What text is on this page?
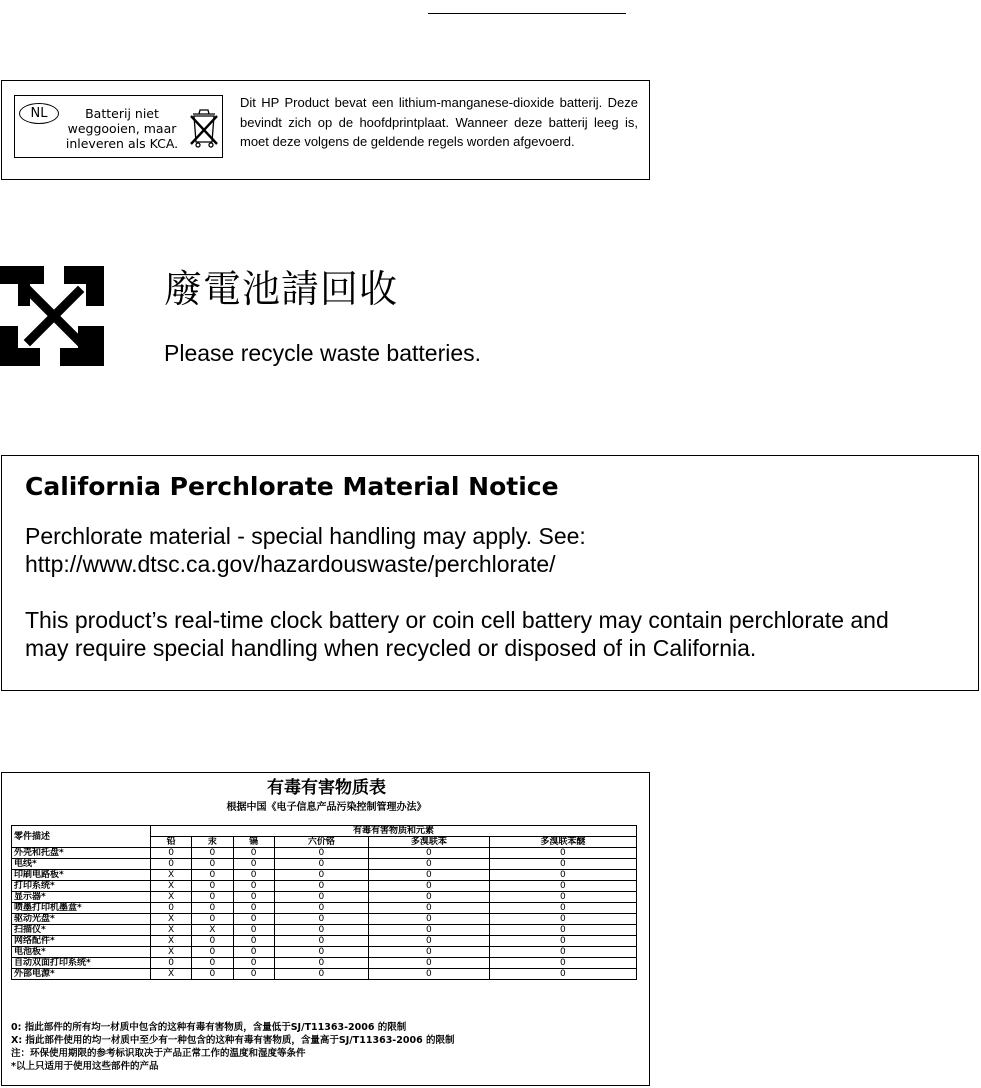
NL	Batterij niet
weggooien, maar
inleveren als KCA.
Dit HP Product bevat een lithium-manganese-dioxide batterij. Deze bevindt zich op de hoofdprintplaat. Wanneer deze batterij leeg is, moet deze volgens de geldende regels worden afgevoerd.
廢電池請回收
Please recycle waste batteries.
California Perchlorate Material Notice
Perchlorate material - special handling may apply. See:
http://www.dtsc.ca.gov/hazardouswaste/perchlorate/
This product’s real-time clock battery or coin cell battery may contain perchlorate and
may require special handling when recycled or disposed of in California.
有毒有害物质表
根据中国《电子信息产品污染控制管理办法》
零件描述	有毒有害物质和元素					
	铅	汞	镉	六价铬	多溴联苯	多溴联苯醚
外壳和托盘*	0	0	0	0	0	0
电线*	0	0	0	0	0	0
印刷电路板*	X	0	0	0	0	0
打印系统*	X	0	0	0	0	0
显示器*	X	0	0	0	0	0
喷墨打印机墨盒*	0	0	0	0	0	0
驱动光盘*	X	0	0	0	0	0
扫描仪*	X	X	0	0	0	0
网络配件*	X	0	0	0	0	0
电池板*	X	0	0	0	0	0
自动双面打印系统*	0	0	0	0	0	0
外部电源*	X	0	0	0	0	0
0: 指此部件的所有均一材质中包含的这种有毒有害物质，含量低于SJ/T11363-2006 的限制
X: 指此部件使用的均一材质中至少有一种包含的这种有毒有害物质，含量高于SJ/T11363-2006 的限制
注：环保使用期限的参考标识取决于产品正常工作的温度和湿度等条件
*以上只适用于使用这些部件的产品
